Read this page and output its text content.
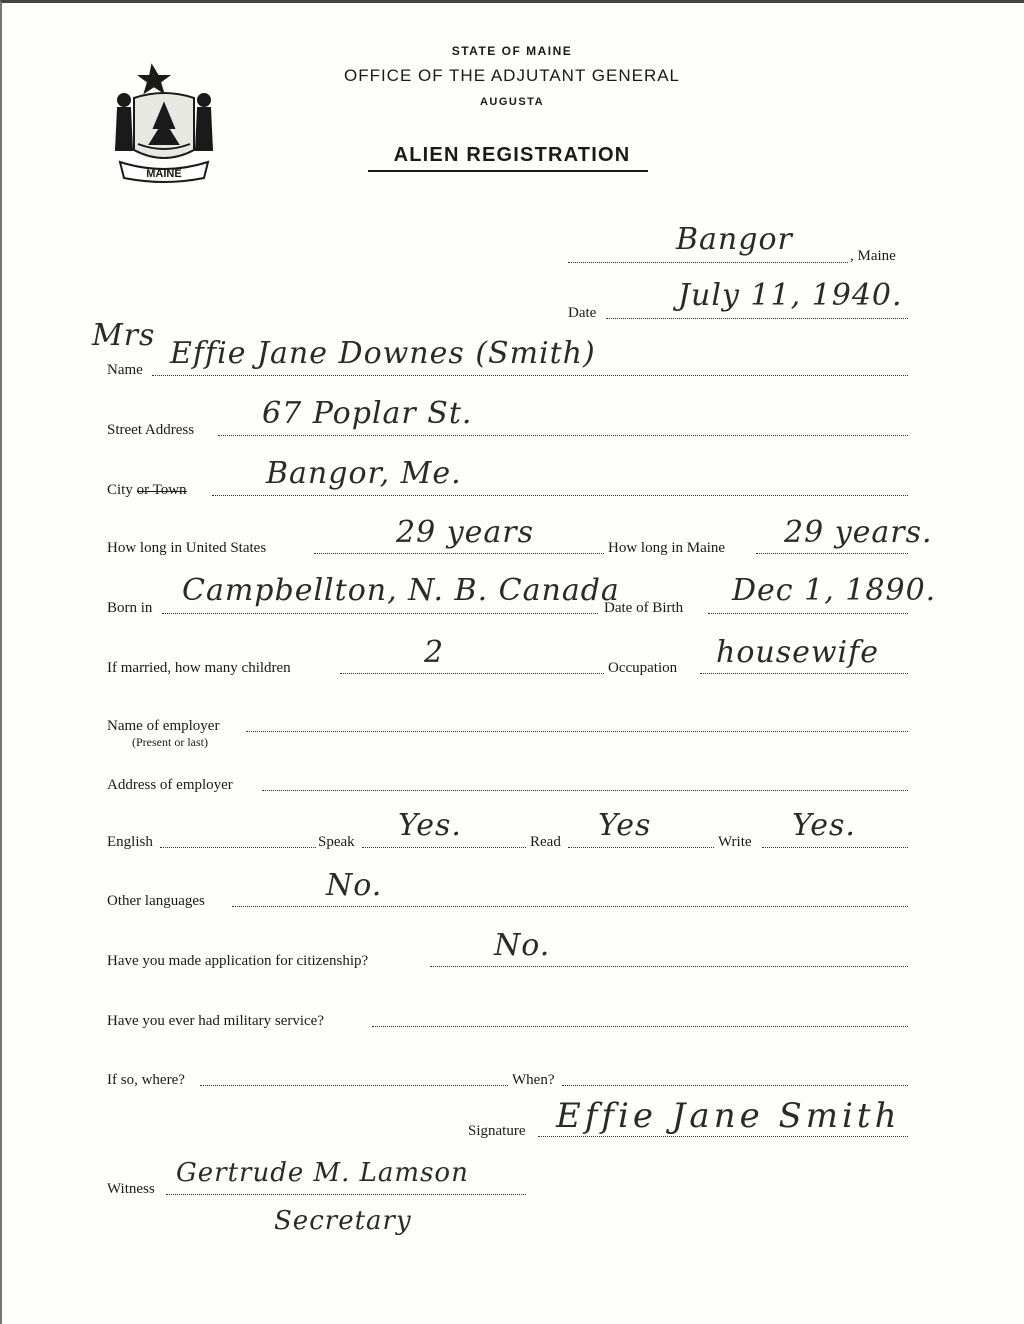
MAINE
STATE OF MAINE
OFFICE OF THE ADJUTANT GENERAL
AUGUSTA
ALIEN REGISTRATION
Bangor	, Maine
Date	July 11, 1940.
Mrs
Name Effie Jane Downes (Smith)
Street Address 67 Poplar St.
City or Town	Bangor, Me.
How long in United States	29 years	How long in Maine 29 years.
Born in Campbellton, N. B. Canada
Date of Birth Dec 1, 1890.
If married, how many children	2	Occupation housewife
Name of employer
(Present or last)
Address of employer
English	Speak Yes.	Read Yes	Write Yes.
Other languages	No.
Have you made application for citizenship?	No.
Have you ever had military service?
If so, where?	When?
Signature Effie Jane Smith
Witness
Gertrude M. Lamson
Secretary
